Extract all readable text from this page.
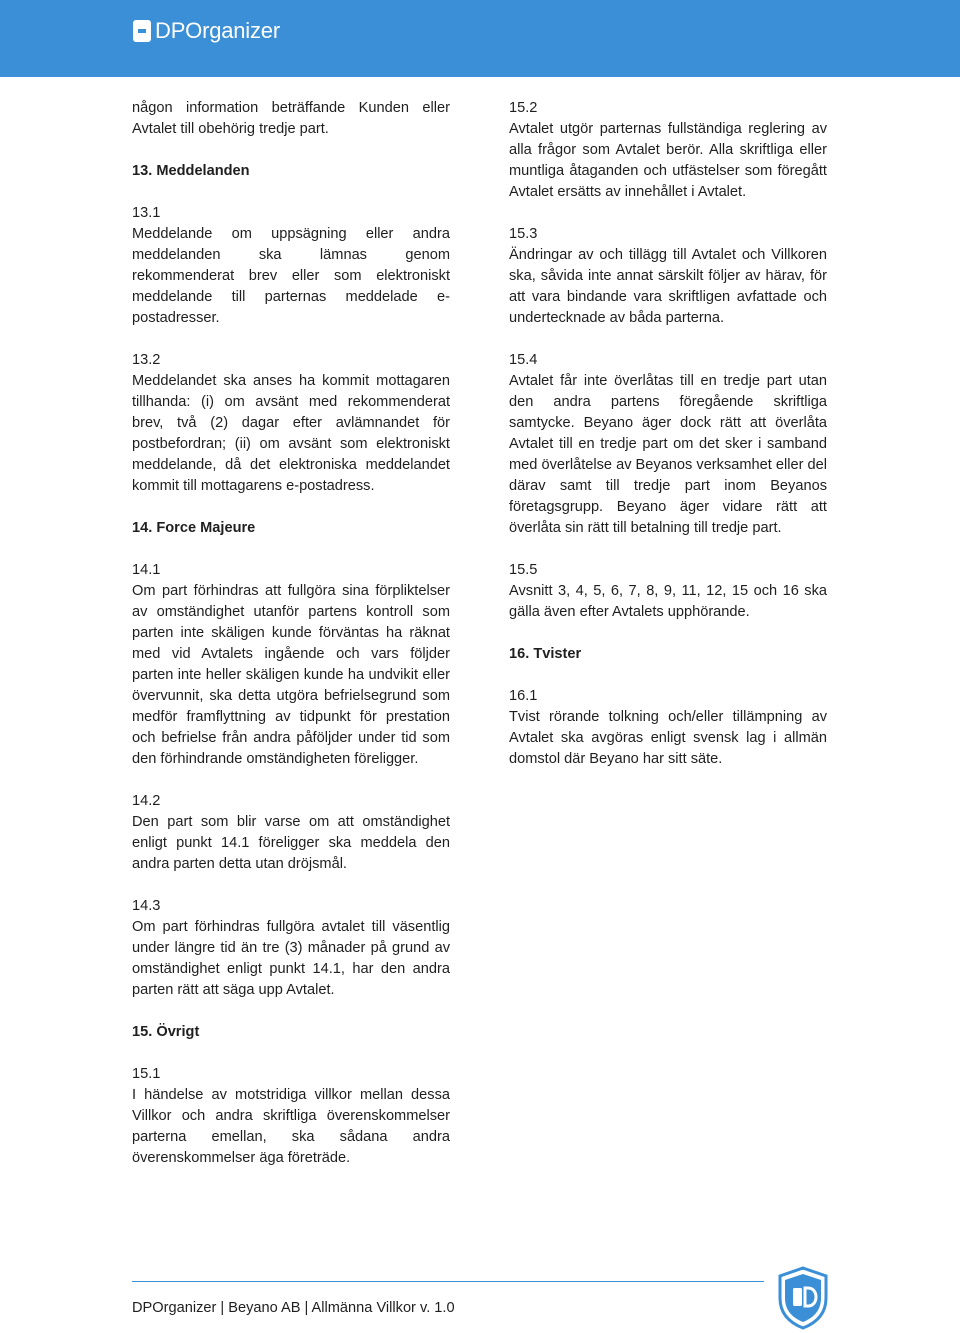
DPOrganizer
någon information beträffande Kunden eller Avtalet till obehörig tredje part.
13. Meddelanden
13.1
Meddelande om uppsägning eller andra meddelanden ska lämnas genom rekommenderat brev eller som elektroniskt meddelande till parternas meddelade e-postadresser.
13.2
Meddelandet ska anses ha kommit mottagaren tillhanda: (i) om avsänt med rekommenderat brev, två (2) dagar efter avlämnandet för postbefordran; (ii) om avsänt som elektroniskt meddelande, då det elektroniska meddelandet kommit till mottagarens e-postadress.
14. Force Majeure
14.1
Om part förhindras att fullgöra sina förpliktelser av omständighet utanför partens kontroll som parten inte skäligen kunde förväntas ha räknat med vid Avtalets ingående och vars följder parten inte heller skäligen kunde ha undvikit eller övervunnit, ska detta utgöra befrielsegrund som medför framflyttning av tidpunkt för prestation och befrielse från andra påföljder under tid som den förhindrande omständigheten föreligger.
14.2
Den part som blir varse om att omständighet enligt punkt 14.1 föreligger ska meddela den andra parten detta utan dröjsmål.
14.3
Om part förhindras fullgöra avtalet till väsentlig under längre tid än tre (3) månader på grund av omständighet enligt punkt 14.1, har den andra parten rätt att säga upp Avtalet.
15. Övrigt
15.1
I händelse av motstridiga villkor mellan dessa Villkor och andra skriftliga överenskommelser parterna emellan, ska sådana andra överenskommelser äga företräde.
15.2
Avtalet utgör parternas fullständiga reglering av alla frågor som Avtalet berör. Alla skriftliga eller muntliga åtaganden och utfästelser som föregått Avtalet ersätts av innehållet i Avtalet.
15.3
Ändringar av och tillägg till Avtalet och Villkoren ska, såvida inte annat särskilt följer av härav, för att vara bindande vara skriftligen avfattade och undertecknade av båda parterna.
15.4
Avtalet får inte överlåtas till en tredje part utan den andra partens föregående skriftliga samtycke. Beyano äger dock rätt att överlåta Avtalet till en tredje part om det sker i samband med överlåtelse av Beyanos verksamhet eller del därav samt till tredje part inom Beyanos företagsgrupp. Beyano äger vidare rätt att överlåta sin rätt till betalning till tredje part.
15.5
Avsnitt 3, 4, 5, 6, 7, 8, 9, 11, 12, 15 och 16 ska gälla även efter Avtalets upphörande.
16. Tvister
16.1
Tvist rörande tolkning och/eller tillämpning av Avtalet ska avgöras enligt svensk lag i allmän domstol där Beyano har sitt säte.
DPOrganizer | Beyano AB | Allmänna Villkor v. 1.0
